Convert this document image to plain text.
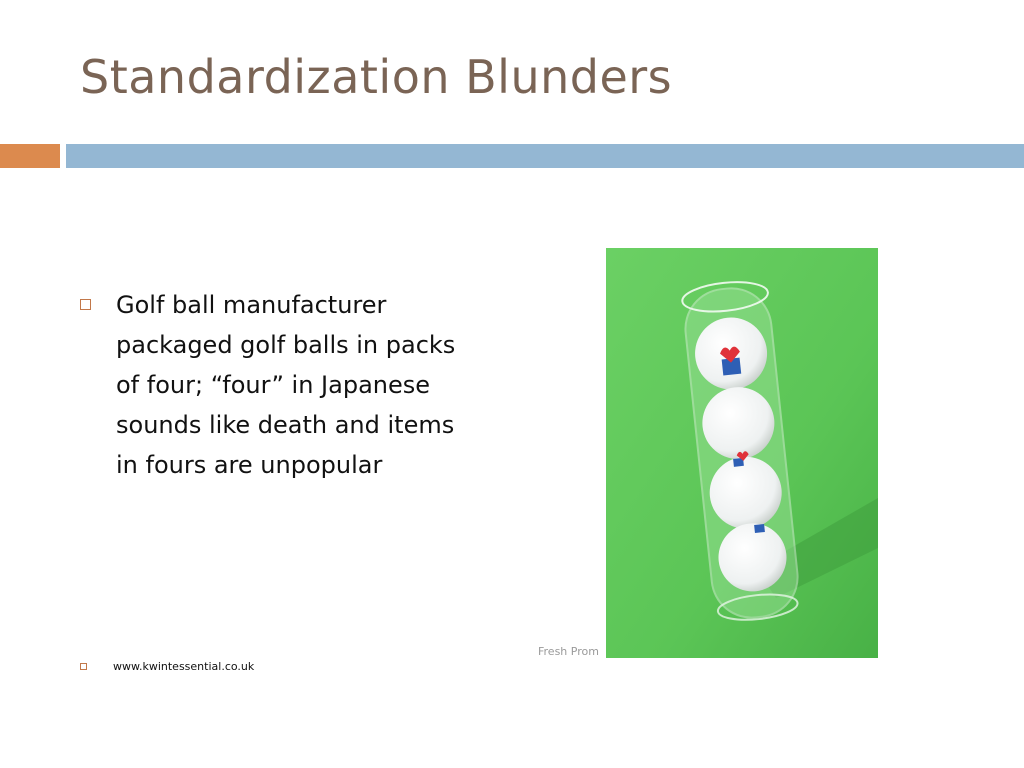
Standardization Blunders
Golf ball manufacturer packaged golf balls in packs of four; “four” in Japanese sounds like death and items in fours are unpopular
Fresh Prom
www.kwintessential.co.uk
